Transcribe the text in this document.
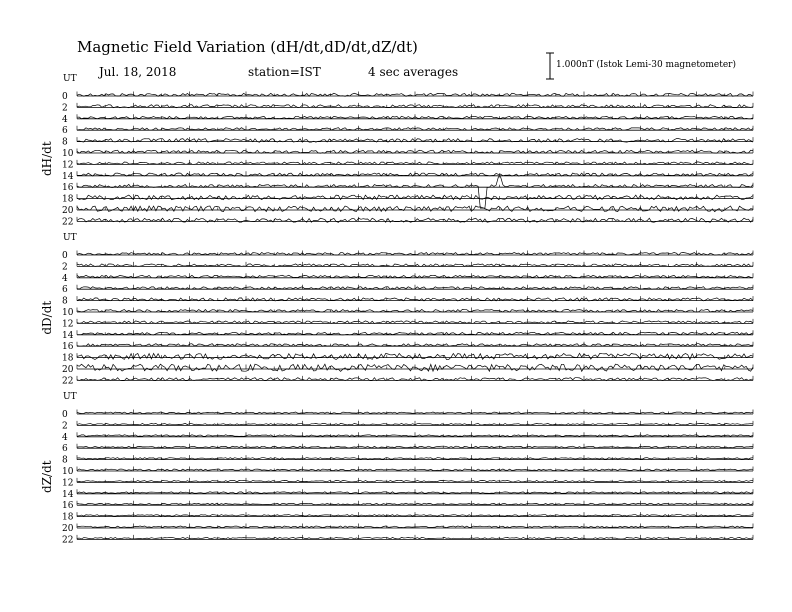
Magnetic Field Variation (dH/dt,dD/dt,dZ/dt)
Jul. 18, 2018	station=IST	4 sec averages	1.000nT (Istok Lemi-30 magnetometer)
UT
dH/dt
0
2
4
6
8
10
12
14
16
18
20
22
UT
dD/dt
0
2
4
6
8
10
12
14
16
18
20
22
UT
dZ/dt
0
2
4
6
8
10
12
14
16
18
20
22
